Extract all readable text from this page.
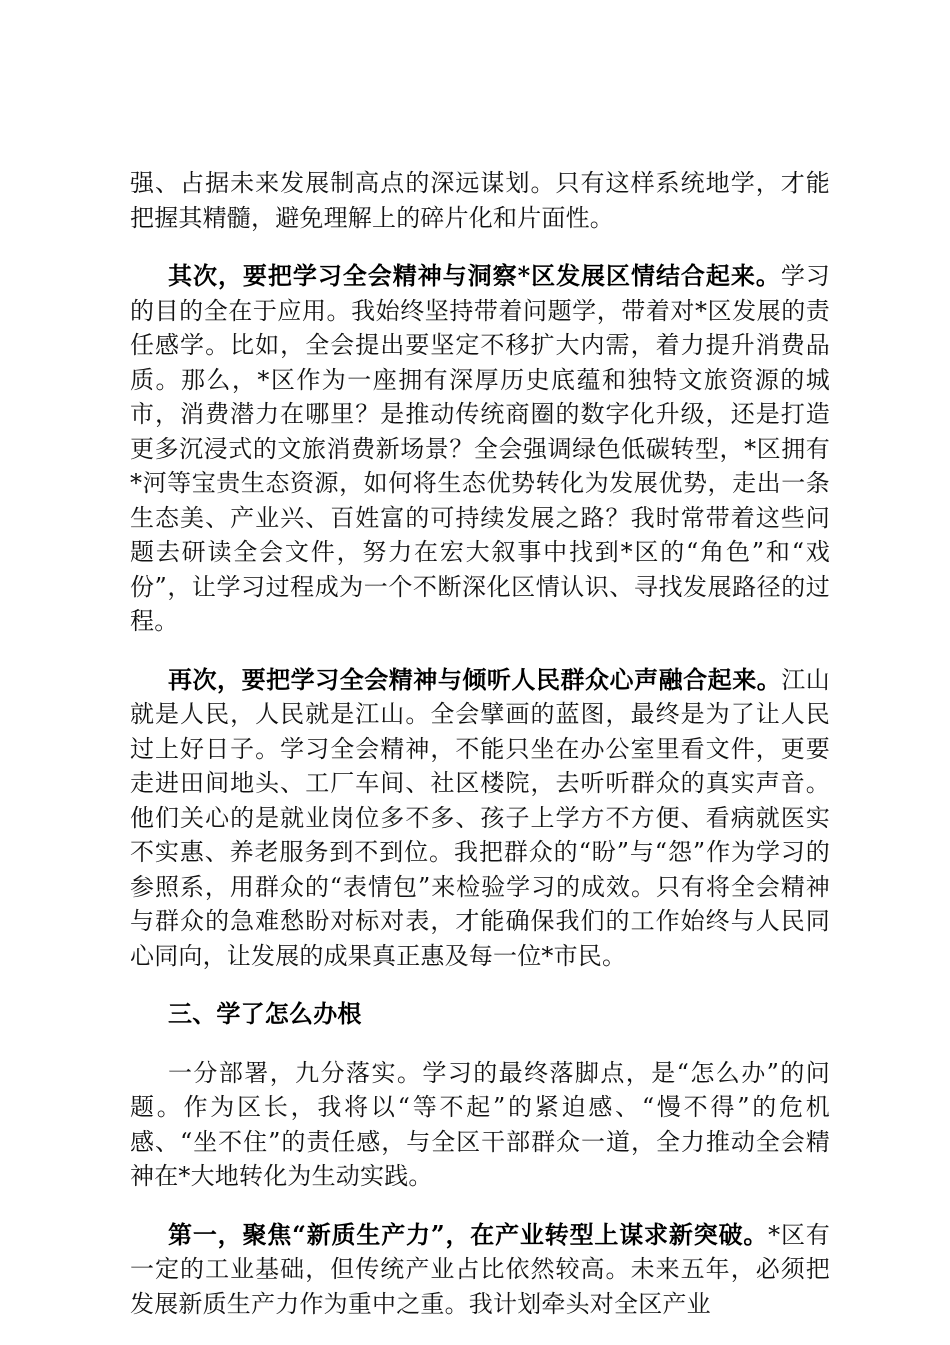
强、占据未来发展制高点的深远谋划。只有这样系统地学，才能把握其精髓，避免理解上的碎片化和片面性。

其次，要把学习全会精神与洞察*区发展区情结合起来。学习的目的全在于应用。我始终坚持带着问题学，带着对*区发展的责任感学。比如，全会提出要坚定不移扩大内需，着力提升消费品质。那么，*区作为一座拥有深厚历史底蕴和独特文旅资源的城市，消费潜力在哪里？是推动传统商圈的数字化升级，还是打造更多沉浸式的文旅消费新场景？全会强调绿色低碳转型，*区拥有*河等宝贵生态资源，如何将生态优势转化为发展优势，走出一条生态美、产业兴、百姓富的可持续发展之路？我时常带着这些问题去研读全会文件，努力在宏大叙事中找到*区的“角色”和“戏份”，让学习过程成为一个不断深化区情认识、寻找发展路径的过程。

再次，要把学习全会精神与倾听人民群众心声融合起来。江山就是人民，人民就是江山。全会擘画的蓝图，最终是为了让人民过上好日子。学习全会精神，不能只坐在办公室里看文件，更要走进田间地头、工厂车间、社区楼院，去听听群众的真实声音。他们关心的是就业岗位多不多、孩子上学方不方便、看病就医实不实惠、养老服务到不到位。我把群众的“盼”与“怨”作为学习的参照系，用群众的“表情包”来检验学习的成效。只有将全会精神与群众的急难愁盼对标对表，才能确保我们的工作始终与人民同心同向，让发展的成果真正惠及每一位*市民。

三、学了怎么办根

一分部署，九分落实。学习的最终落脚点，是“怎么办”的问题。作为区长，我将以“等不起”的紧迫感、“慢不得”的危机感、“坐不住”的责任感，与全区干部群众一道，全力推动全会精神在*大地转化为生动实践。

第一，聚焦“新质生产力”，在产业转型上谋求新突破。*区有一定的工业基础，但传统产业占比依然较高。未来五年，必须把发展新质生产力作为重中之重。我计划牵头对全区产业
